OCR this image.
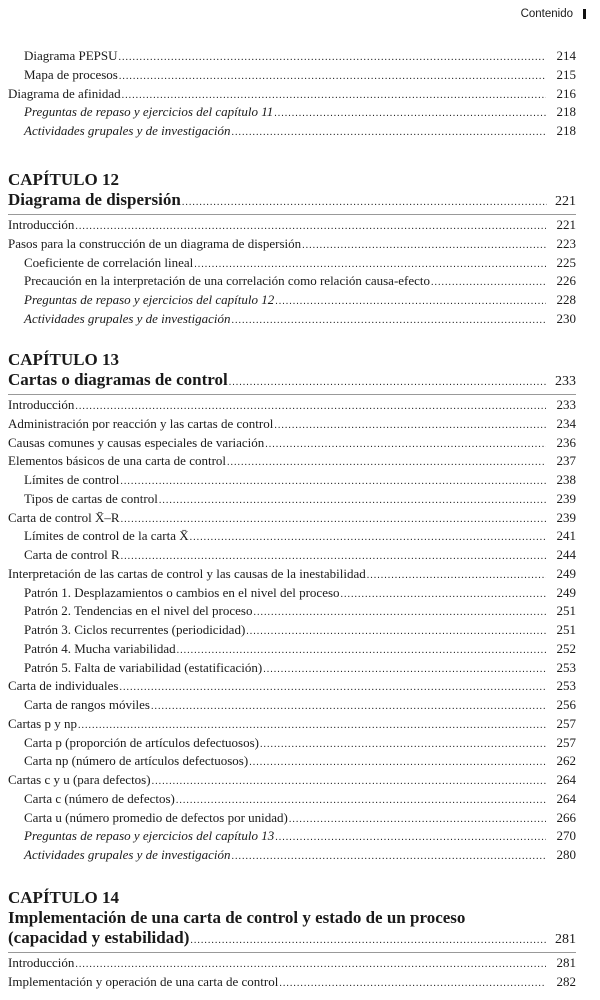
Contenido
Diagrama PEPSU .....	214
Mapa de procesos .....	215
Diagrama de afinidad .....	216
Preguntas de repaso y ejercicios del capítulo 11 .....	218
Actividades grupales y de investigación .....	218
CAPÍTULO 12
Diagrama de dispersión .....	221
Introducción .....	221
Pasos para la construcción de un diagrama de dispersión .....	223
Coeficiente de correlación lineal .....	225
Precaución en la interpretación de una correlación como relación causa-efecto .....	226
Preguntas de repaso y ejercicios del capítulo 12 .....	228
Actividades grupales y de investigación .....	230
CAPÍTULO 13
Cartas o diagramas de control .....	233
Introducción .....	233
Administración por reacción y las cartas de control .....	234
Causas comunes y causas especiales de variación .....	236
Elementos básicos de una carta de control .....	237
Límites de control .....	238
Tipos de cartas de control .....	239
Carta de control X̄–R .....	239
Límites de control de la carta X̄ .....	241
Carta de control R .....	244
Interpretación de las cartas de control y las causas de la inestabilidad .....	249
Patrón 1. Desplazamientos o cambios en el nivel del proceso .....	249
Patrón 2. Tendencias en el nivel del proceso .....	251
Patrón 3. Ciclos recurrentes (periodicidad) .....	251
Patrón 4. Mucha variabilidad .....	252
Patrón 5. Falta de variabilidad (estatificación) .....	253
Carta de individuales .....	253
Carta de rangos móviles .....	256
Cartas p y np .....	257
Carta p (proporción de artículos defectuosos) .....	257
Carta np (número de artículos defectuosos) .....	262
Cartas c y u (para defectos) .....	264
Carta c (número de defectos) .....	264
Carta u (número promedio de defectos por unidad) .....	266
Preguntas de repaso y ejercicios del capítulo 13 .....	270
Actividades grupales y de investigación .....	280
CAPÍTULO 14
Implementación de una carta de control y estado de un proceso
(capacidad y estabilidad) .....	281
Introducción .....	281
Implementación y operación de una carta de control .....	282
